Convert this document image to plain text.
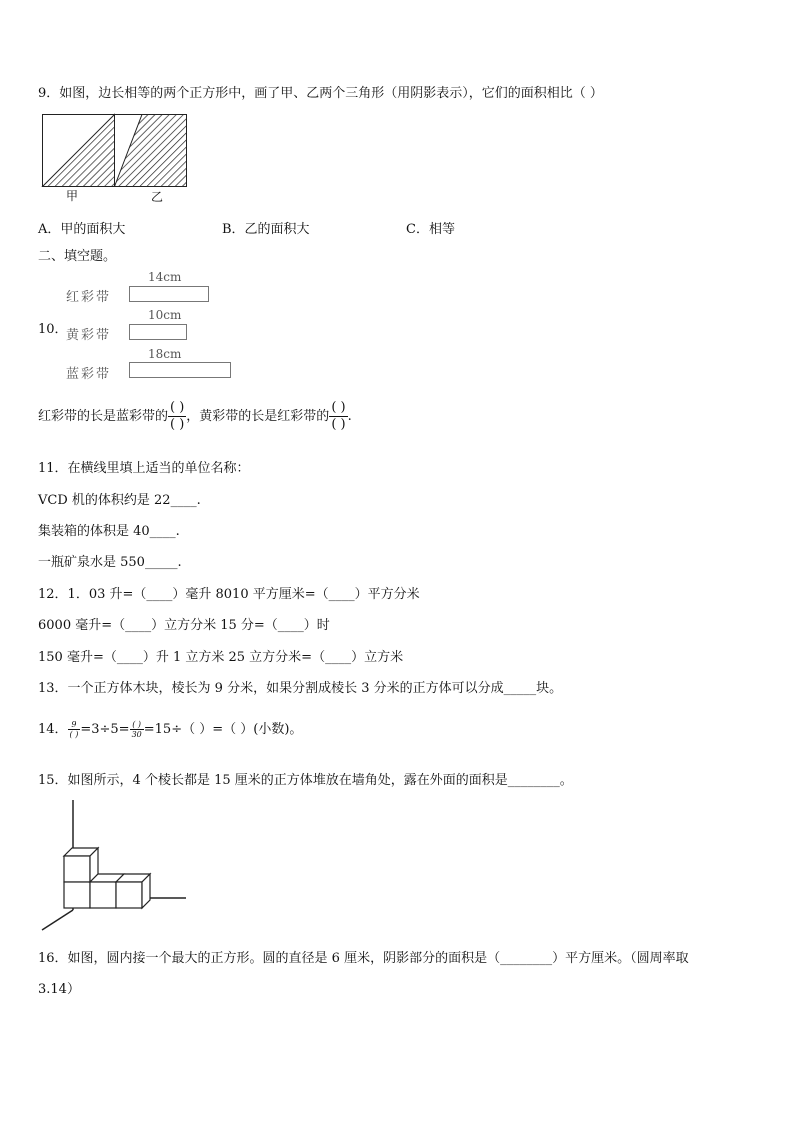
9．如图，边长相等的两个正方形中，画了甲、乙两个三角形（用阴影表示），它们的面积相比（ ）
甲	乙
A．甲的面积大	B．乙的面积大	C．相等
二、填空题。
14cm
红彩带
10．
10cm
黄彩带
18cm
蓝彩带
红彩带的长是蓝彩带的 $\frac{( )}{( )}$ ，黄彩带的长是红彩带的 $\frac{( )}{( )}$ .
11．在横线里填上适当的单位名称：
VCD 机的体积约是 22____.
集装箱的体积是 40____.
一瓶矿泉水是 550_____.
12．1．03 升=（____）毫升 8010 平方厘米=（____）平方分米
6000 毫升=（____）立方分米 15 分=（____）时
150 毫升=（____）升 1 立方米 25 立方分米=（____）立方米
13．一个正方体木块，棱长为 9 分米，如果分割成棱长 3 分米的正方体可以分成_____块。
14． $\frac{9}{( )} =3\div 5= \frac{( )}{30} =15\div$（ ）=（ ）(小数)。
15．如图所示，4 个棱长都是 15 厘米的正方体堆放在墙角处，露在外面的面积是________。
16．如图，圆内接一个最大的正方形。圆的直径是 6 厘米，阴影部分的面积是（________）平方厘米。（圆周率取
3.14）
